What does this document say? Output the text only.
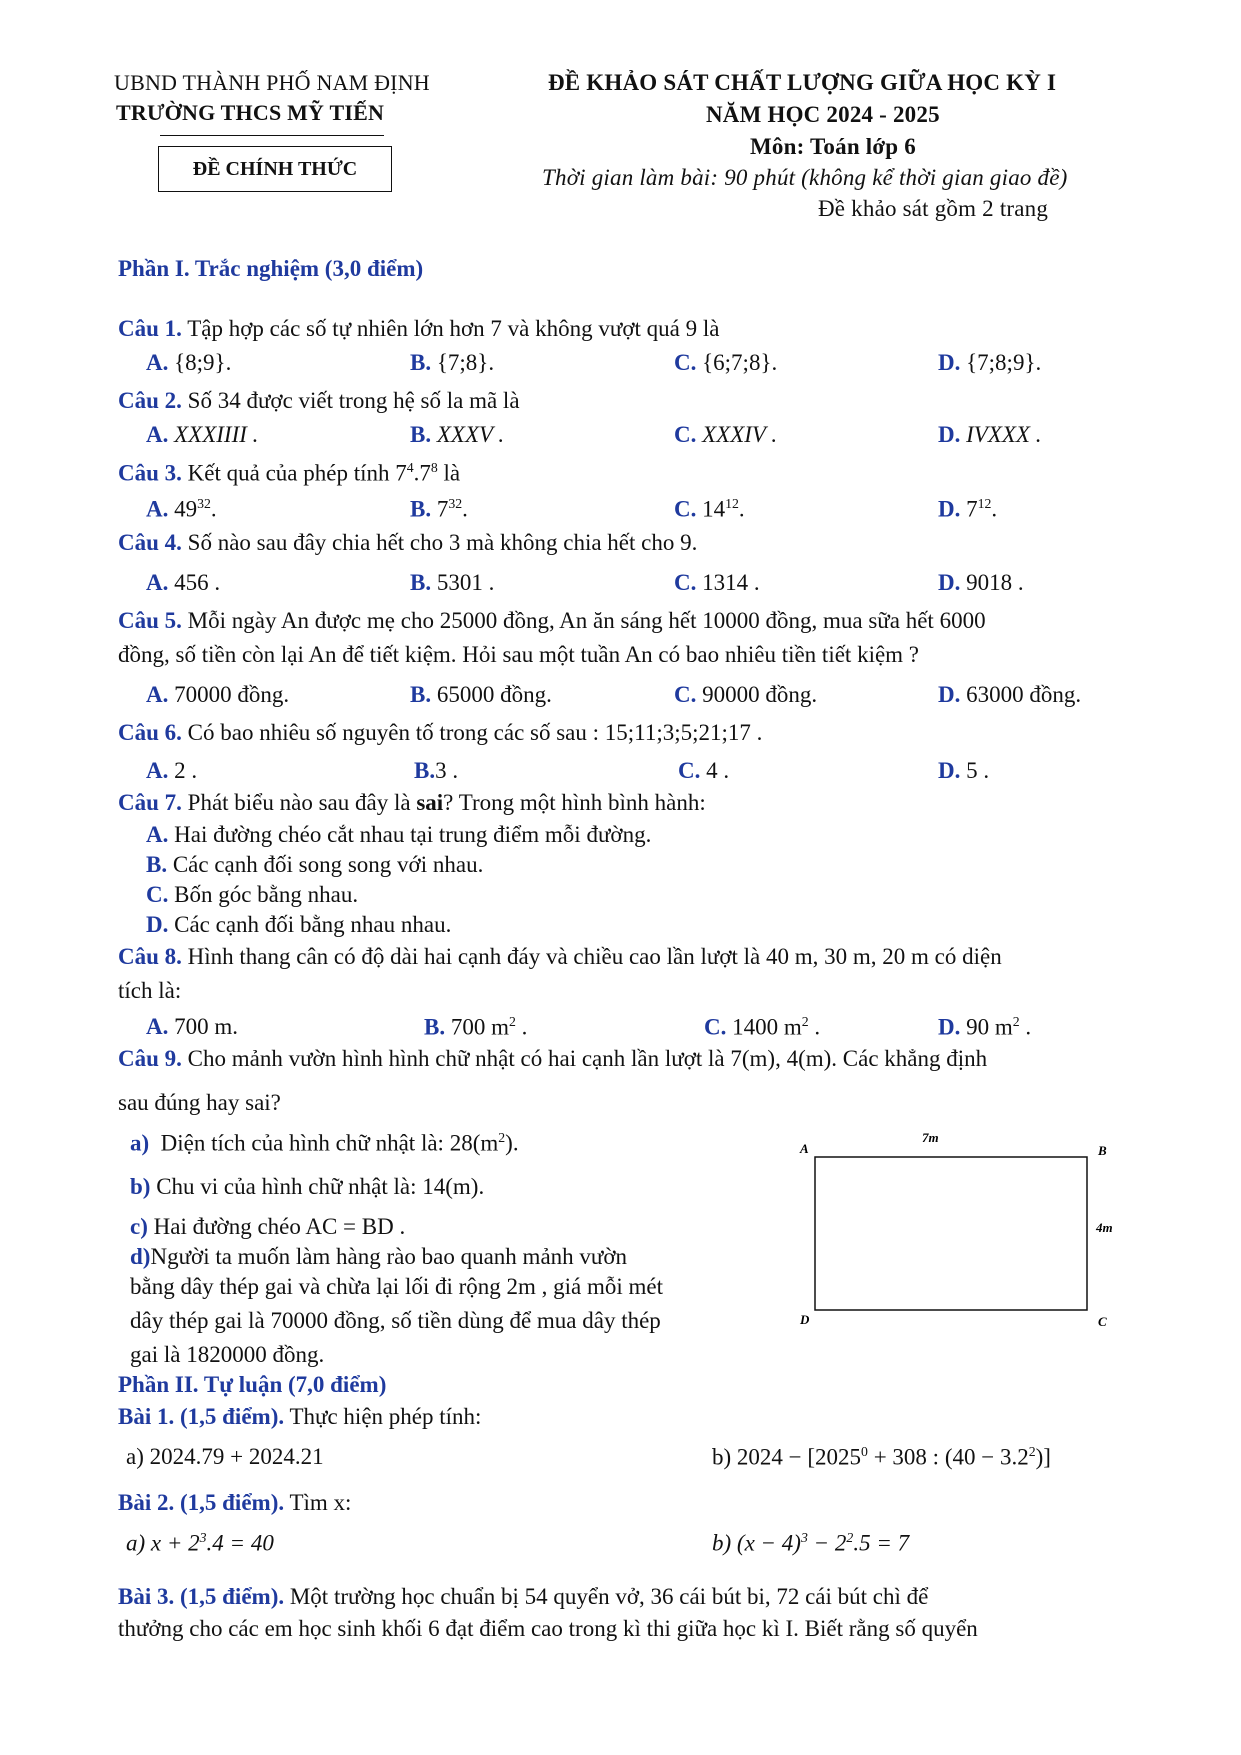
UBND THÀNH PHỐ NAM ĐỊNH
TRƯỜNG THCS MỸ TIẾN
ĐỀ CHÍNH THỨC
ĐỀ KHẢO SÁT CHẤT LƯỢNG GIỮA HỌC KỲ I
NĂM HỌC 2024 - 2025
Môn: Toán lớp 6
Thời gian làm bài: 90 phút (không kể thời gian giao đề)
Đề khảo sát gồm 2 trang
Phần I. Trắc nghiệm (3,0 điểm)
Câu 1. Tập hợp các số tự nhiên lớn hơn 7 và không vượt quá 9 là
A. {8;9}.	B. {7;8}.	C. {6;7;8}.	D. {7;8;9}.
Câu 2. Số 34 được viết trong hệ số la mã là
A. XXXIIII .	B. XXXV .	C. XXXIV .	D. IVXXX .
Câu 3. Kết quả của phép tính $7^4.7^8$ là
A. $49^{32}$.	B. $7^{32}$.	C. $14^{12}$.	D. $7^{12}$.
Câu 4. Số nào sau đây chia hết cho 3 mà không chia hết cho 9.
A. 456 .	B. 5301 .	C. 1314 .	D. 9018 .
Câu 5. Mỗi ngày An được mẹ cho 25000 đồng, An ăn sáng hết 10000 đồng, mua sữa hết 6000
đồng, số tiền còn lại An để tiết kiệm. Hỏi sau một tuần An có bao nhiêu tiền tiết kiệm ?
A. 70000 đồng.	B. 65000 đồng.	C. 90000 đồng.	D. 63000 đồng.
Câu 6. Có bao nhiêu số nguyên tố trong các số sau : 15;11;3;5;21;17 .
A. 2 .	B.3 .	C. 4 .	D. 5 .
Câu 7. Phát biểu nào sau đây là sai? Trong một hình bình hành:
A. Hai đường chéo cắt nhau tại trung điểm mỗi đường.
B. Các cạnh đối song song với nhau.
C. Bốn góc bằng nhau.
D. Các cạnh đối bằng nhau nhau.
Câu 8. Hình thang cân có độ dài hai cạnh đáy và chiều cao lần lượt là 40 m, 30 m, 20 m có diện
tích là:
A. 700 m.	B. 700 $m^2$ .	C. 1400 $m^2$ .	D. 90 $m^2$ .
Câu 9. Cho mảnh vườn hình hình chữ nhật có hai cạnh lần lượt là 7(m), 4(m). Các khẳng định
sau đúng hay sai?
a) Diện tích của hình chữ nhật là: $28(m^2)$.
b) Chu vi của hình chữ nhật là: 14(m).
c) Hai đường chéo AC = BD .
d)Người ta muốn làm hàng rào bao quanh mảnh vườn
bằng dây thép gai và chừa lại lối đi rộng 2m , giá mỗi mét
dây thép gai là 70000 đồng, số tiền dùng để mua dây thép
gai là 1820000 đồng.
A	B
C
D
7m
4m
Phần II. Tự luận (7,0 điểm)
Bài 1. (1,5 điểm). Thực hiện phép tính:
a) 2024.79 + 2024.21	b) $2024 - [2025^0 + 308$ : $(40 - 3.2^2)$]
Bài 2. (1,5 điểm). Tìm x:
a) $x + 2^3.4 = 40$	b) $(x - 4)^3 - 2^2.5 = 7$
Bài 3. (1,5 điểm). Một trường học chuẩn bị 54 quyển vở, 36 cái bút bi, 72 cái bút chì để
thưởng cho các em học sinh khối 6 đạt điểm cao trong kì thi giữa học kì I. Biết rằng số quyển
